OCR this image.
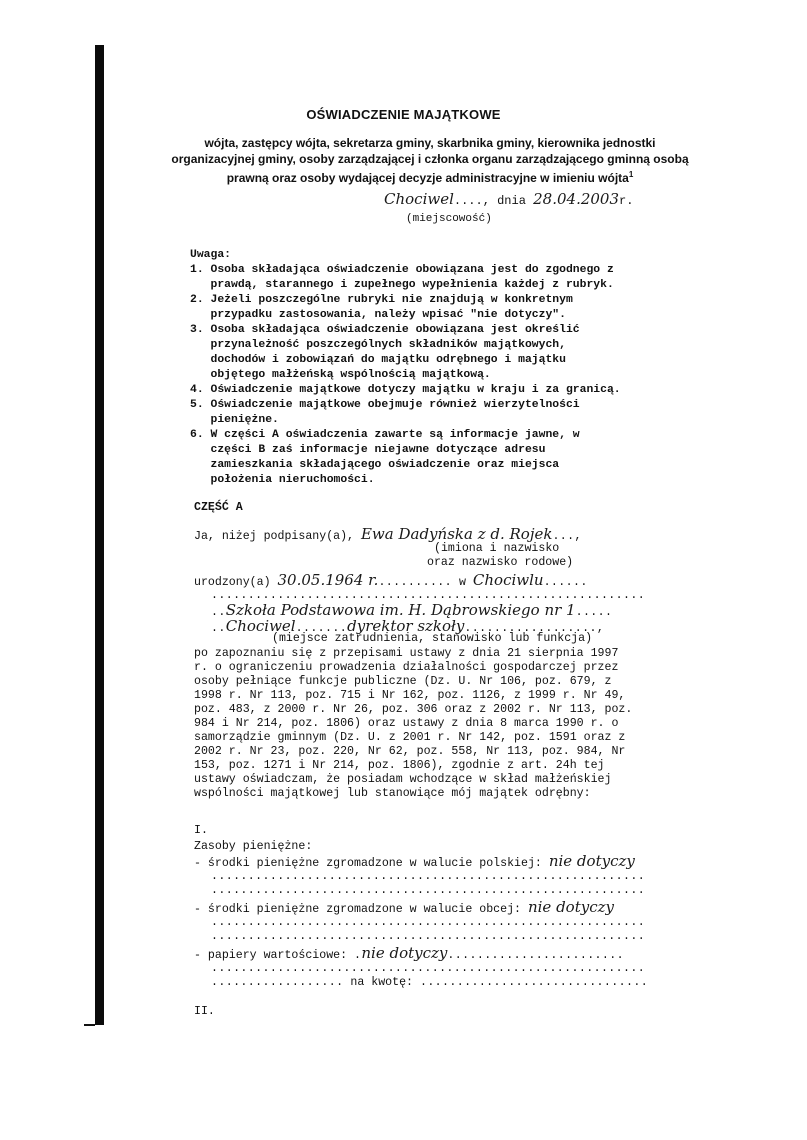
OŚWIADCZENIE MAJĄTKOWE
wójta, zastępcy wójta, sekretarza gminy, skarbnika gminy, kierownika jednostki
organizacyjnej gminy, osoby zarządzającej i członka organu zarządzającego gminną osobą
prawną oraz osoby wydającej decyzje administracyjne w imieniu wójta$^1$
Chociwel...., dnia 28.04.2003r.
(miejscowość)
Uwaga:
1. Osoba składająca oświadczenie obowiązana jest do zgodnego z
prawdą, starannego i zupełnego wypełnienia każdej z rubryk.
2. Jeżeli poszczególne rubryki nie znajdują w konkretnym
przypadku zastosowania, należy wpisać "nie dotyczy".
3. Osoba składająca oświadczenie obowiązana jest określić
przynależność poszczególnych składników majątkowych,
dochodów i zobowiązań do majątku odrębnego i majątku
objętego małżeńską wspólnością majątkową.
4. Oświadczenie majątkowe dotyczy majątku w kraju i za granicą.
5. Oświadczenie majątkowe obejmuje również wierzytelności
pieniężne.
6. W części A oświadczenia zawarte są informacje jawne, w
części B zaś informacje niejawne dotyczące adresu
zamieszkania składającego oświadczenie oraz miejsca
położenia nieruchomości.
CZĘŚĆ A
Ja, niżej podpisany(a), Ewa Dadyńska z d. Rojek...,
(imiona i nazwisko
oraz nazwisko rodowe)
urodzony(a) 30.05.1964 r........... w Chociwlu......
...........................................................
..Szkoła Podstawowa im. H. Dąbrowskiego nr 1.....
..Chociwel.......dyrektor szkoły..................,
(miejsce zatrudnienia, stanowisko lub funkcja)
po zapoznaniu się z przepisami ustawy z dnia 21 sierpnia 1997
r. o ograniczeniu prowadzenia działalności gospodarczej przez
osoby pełniące funkcje publiczne (Dz. U. Nr 106, poz. 679, z
1998 r. Nr 113, poz. 715 i Nr 162, poz. 1126, z 1999 r. Nr 49,
poz. 483, z 2000 r. Nr 26, poz. 306 oraz z 2002 r. Nr 113, poz.
984 i Nr 214, poz. 1806) oraz ustawy z dnia 8 marca 1990 r. o
samorządzie gminnym (Dz. U. z 2001 r. Nr 142, poz. 1591 oraz z
2002 r. Nr 23, poz. 220, Nr 62, poz. 558, Nr 113, poz. 984, Nr
153, poz. 1271 i Nr 214, poz. 1806), zgodnie z art. 24h tej
ustawy oświadczam, że posiadam wchodzące w skład małżeńskiej
wspólności majątkowej lub stanowiące mój majątek odrębny:
I.
Zasoby pieniężne:
- środki pieniężne zgromadzone w walucie polskiej: nie dotyczy
...........................................................
...........................................................
- środki pieniężne zgromadzone w walucie obcej: nie dotyczy
...........................................................
...........................................................
- papiery wartościowe: .nie dotyczy........................
...........................................................
.................. na kwotę: ...............................
II.
